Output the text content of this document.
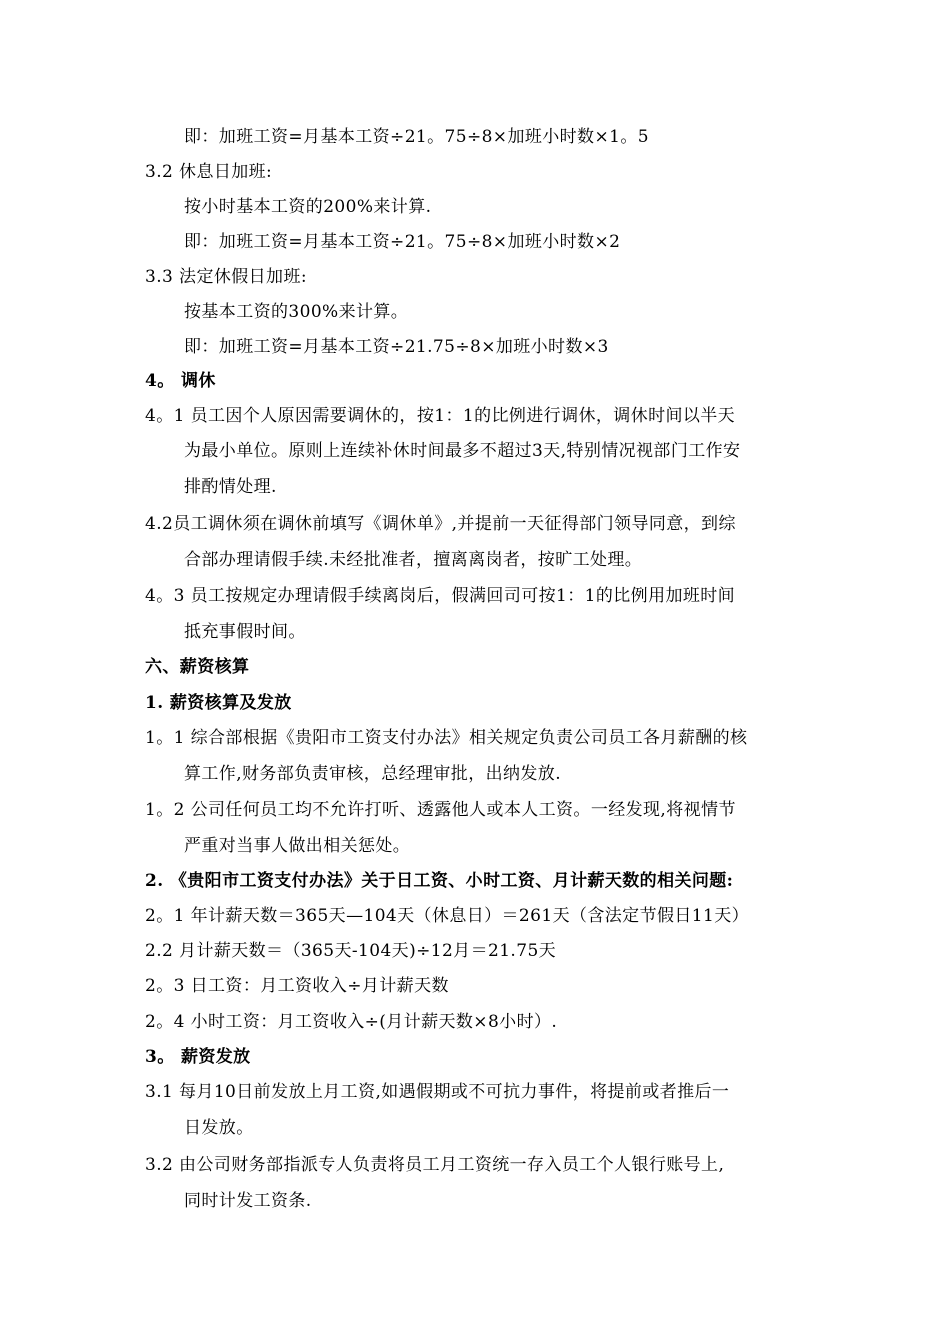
即：加班工资=月基本工资÷21。75÷8×加班小时数×1。5
3.2 休息日加班:
按小时基本工资的200%来计算.
即：加班工资=月基本工资÷21。75÷8×加班小时数×2
3.3 法定休假日加班:
按基本工资的300%来计算。
即：加班工资=月基本工资÷21.75÷8×加班小时数×3
4。 调休
4。1 员工因个人原因需要调休的，按1：1的比例进行调休，调休时间以半天
为最小单位。原则上连续补休时间最多不超过3天,特别情况视部门工作安
排酌情处理.
4.2员工调休须在调休前填写《调休单》,并提前一天征得部门领导同意，到综
合部办理请假手续.未经批准者，擅离离岗者，按旷工处理。
4。3 员工按规定办理请假手续离岗后，假满回司可按1：1的比例用加班时间
抵充事假时间。
六、薪资核算
1. 薪资核算及发放
1。1 综合部根据《贵阳市工资支付办法》相关规定负责公司员工各月薪酬的核
算工作,财务部负责审核，总经理审批，出纳发放.
1。2 公司任何员工均不允许打听、透露他人或本人工资。一经发现,将视情节
严重对当事人做出相关惩处。
2. 《贵阳市工资支付办法》关于日工资、小时工资、月计薪天数的相关问题:
2。1 年计薪天数＝365天—104天（休息日）＝261天（含法定节假日11天）
2.2 月计薪天数＝（365天-104天)÷12月＝21.75天
2。3 日工资：月工资收入÷月计薪天数
2。4 小时工资：月工资收入÷(月计薪天数×8小时）.
3。 薪资发放
3.1 每月10日前发放上月工资,如遇假期或不可抗力事件，将提前或者推后一
日发放。
3.2 由公司财务部指派专人负责将员工月工资统一存入员工个人银行账号上,
同时计发工资条.
